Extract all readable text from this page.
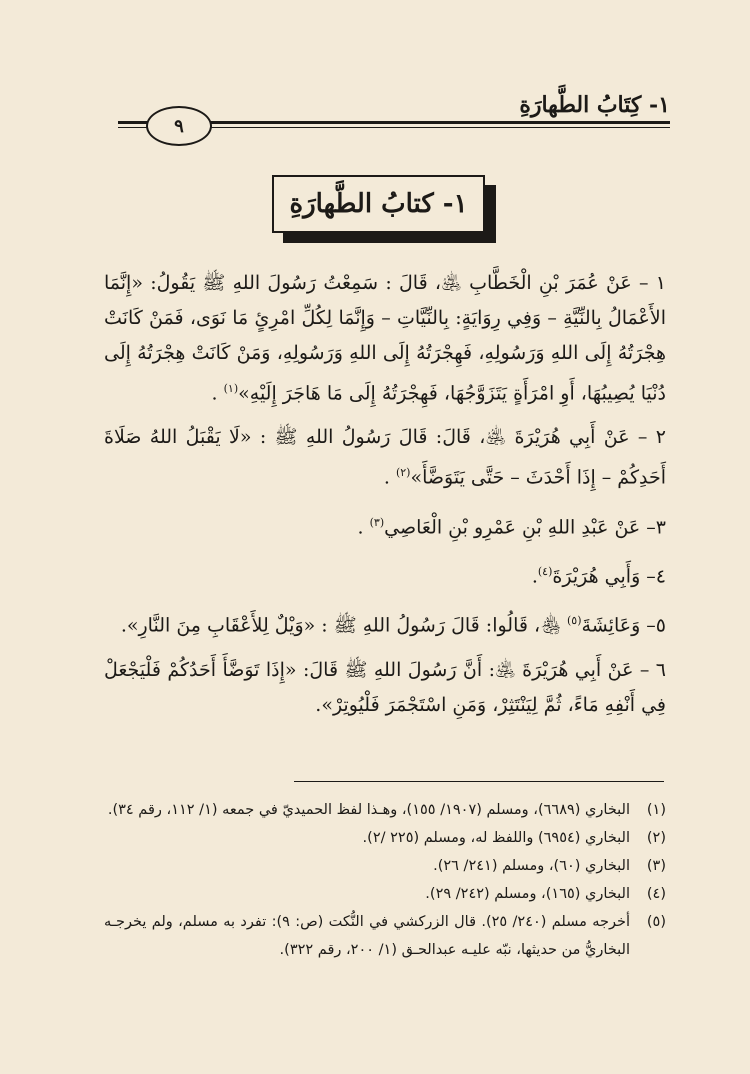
١- كِتَابُ الطَّهارَةِ
٩
١- كتابُ الطَّهارَةِ

١ – عَنْ عُمَرَ بْنِ الْخَطَّابِ ﵁، قَالَ : سَمِعْتُ رَسُولَ اللهِ ﷺ يَقُولُ: «إِنَّمَا الأَعْمَالُ بِالنِّيَّةِ – وَفِي رِوَايَةٍ: بِالنِّيَّاتِ – وَإِنَّمَا لِكُلِّ امْرِئٍ مَا نَوَى، فَمَنْ كَانَتْ هِجْرَتُهُ إِلَى اللهِ وَرَسُولِهِ، فَهِجْرَتُهُ إِلَى اللهِ وَرَسُولِهِ، وَمَنْ كَانَتْ هِجْرَتُهُ إِلَى دُنْيَا يُصِيبُهَا، أَوِ امْرَأَةٍ يَتَزَوَّجُهَا، فَهِجْرَتُهُ إِلَى مَا هَاجَرَ إِلَيْهِ»$^{(١)}$ .

٢ – عَنْ أَبِي هُرَيْرَةَ ﵁، قَالَ: قَالَ رَسُولُ اللهِ ﷺ : «لَا يَقْبَلُ اللهُ صَلَاةَ أَحَدِكُمْ – إِذَا أَحْدَثَ – حَتَّى يَتَوَضَّأَ»$^{(٢)}$ .

٣– عَنْ عَبْدِ اللهِ بْنِ عَمْرِو بْنِ الْعَاصِي$^{(٣)}$ .

٤– وَأَبِي هُرَيْرَةَ$^{(٤)}$.

٥– وَعَائِشَةَ$^{(٥)}$ ﵃، قَالُوا: قَالَ رَسُولُ اللهِ ﷺ : «وَيْلٌ لِلأَعْقَابِ مِنَ النَّارِ».

٦ – عَنْ أَبِي هُرَيْرَةَ ﵁: أَنَّ رَسُولَ اللهِ ﷺ قَالَ: «إِذَا تَوَضَّأَ أَحَدُكُمْ فَلْيَجْعَلْ فِي أَنْفِهِ مَاءً، ثُمَّ لِيَنْتَثِرْ، وَمَنِ اسْتَجْمَرَ فَلْيُوتِرْ».

(١)
البخاري (٦٦٨٩)، ومسلم (١٩٠٧/ ١٥٥)، وهـذا لفظ الحميديّ في جمعه (١/ ١١٢، رقم ٣٤).
(٢)
البخاري (٦٩٥٤) واللفظ له، ومسلم (٢٢٥ /٢).
(٣)
البخاري (٦٠)، ومسلم (٢٤١/ ٢٦).
(٤)
البخاري (١٦٥)، ومسلم (٢٤٢/ ٢٩).
(٥)
أخرجه مسلم (٢٤٠/ ٢٥). قال الزركشي في النُّكت (ص: ٩): تفرد به مسلم، ولم يخرجـه البخاريُّ من حديثها، نبّه عليـه عبدالحـق (١/ ٢٠٠، رقم ٣٢٢).
